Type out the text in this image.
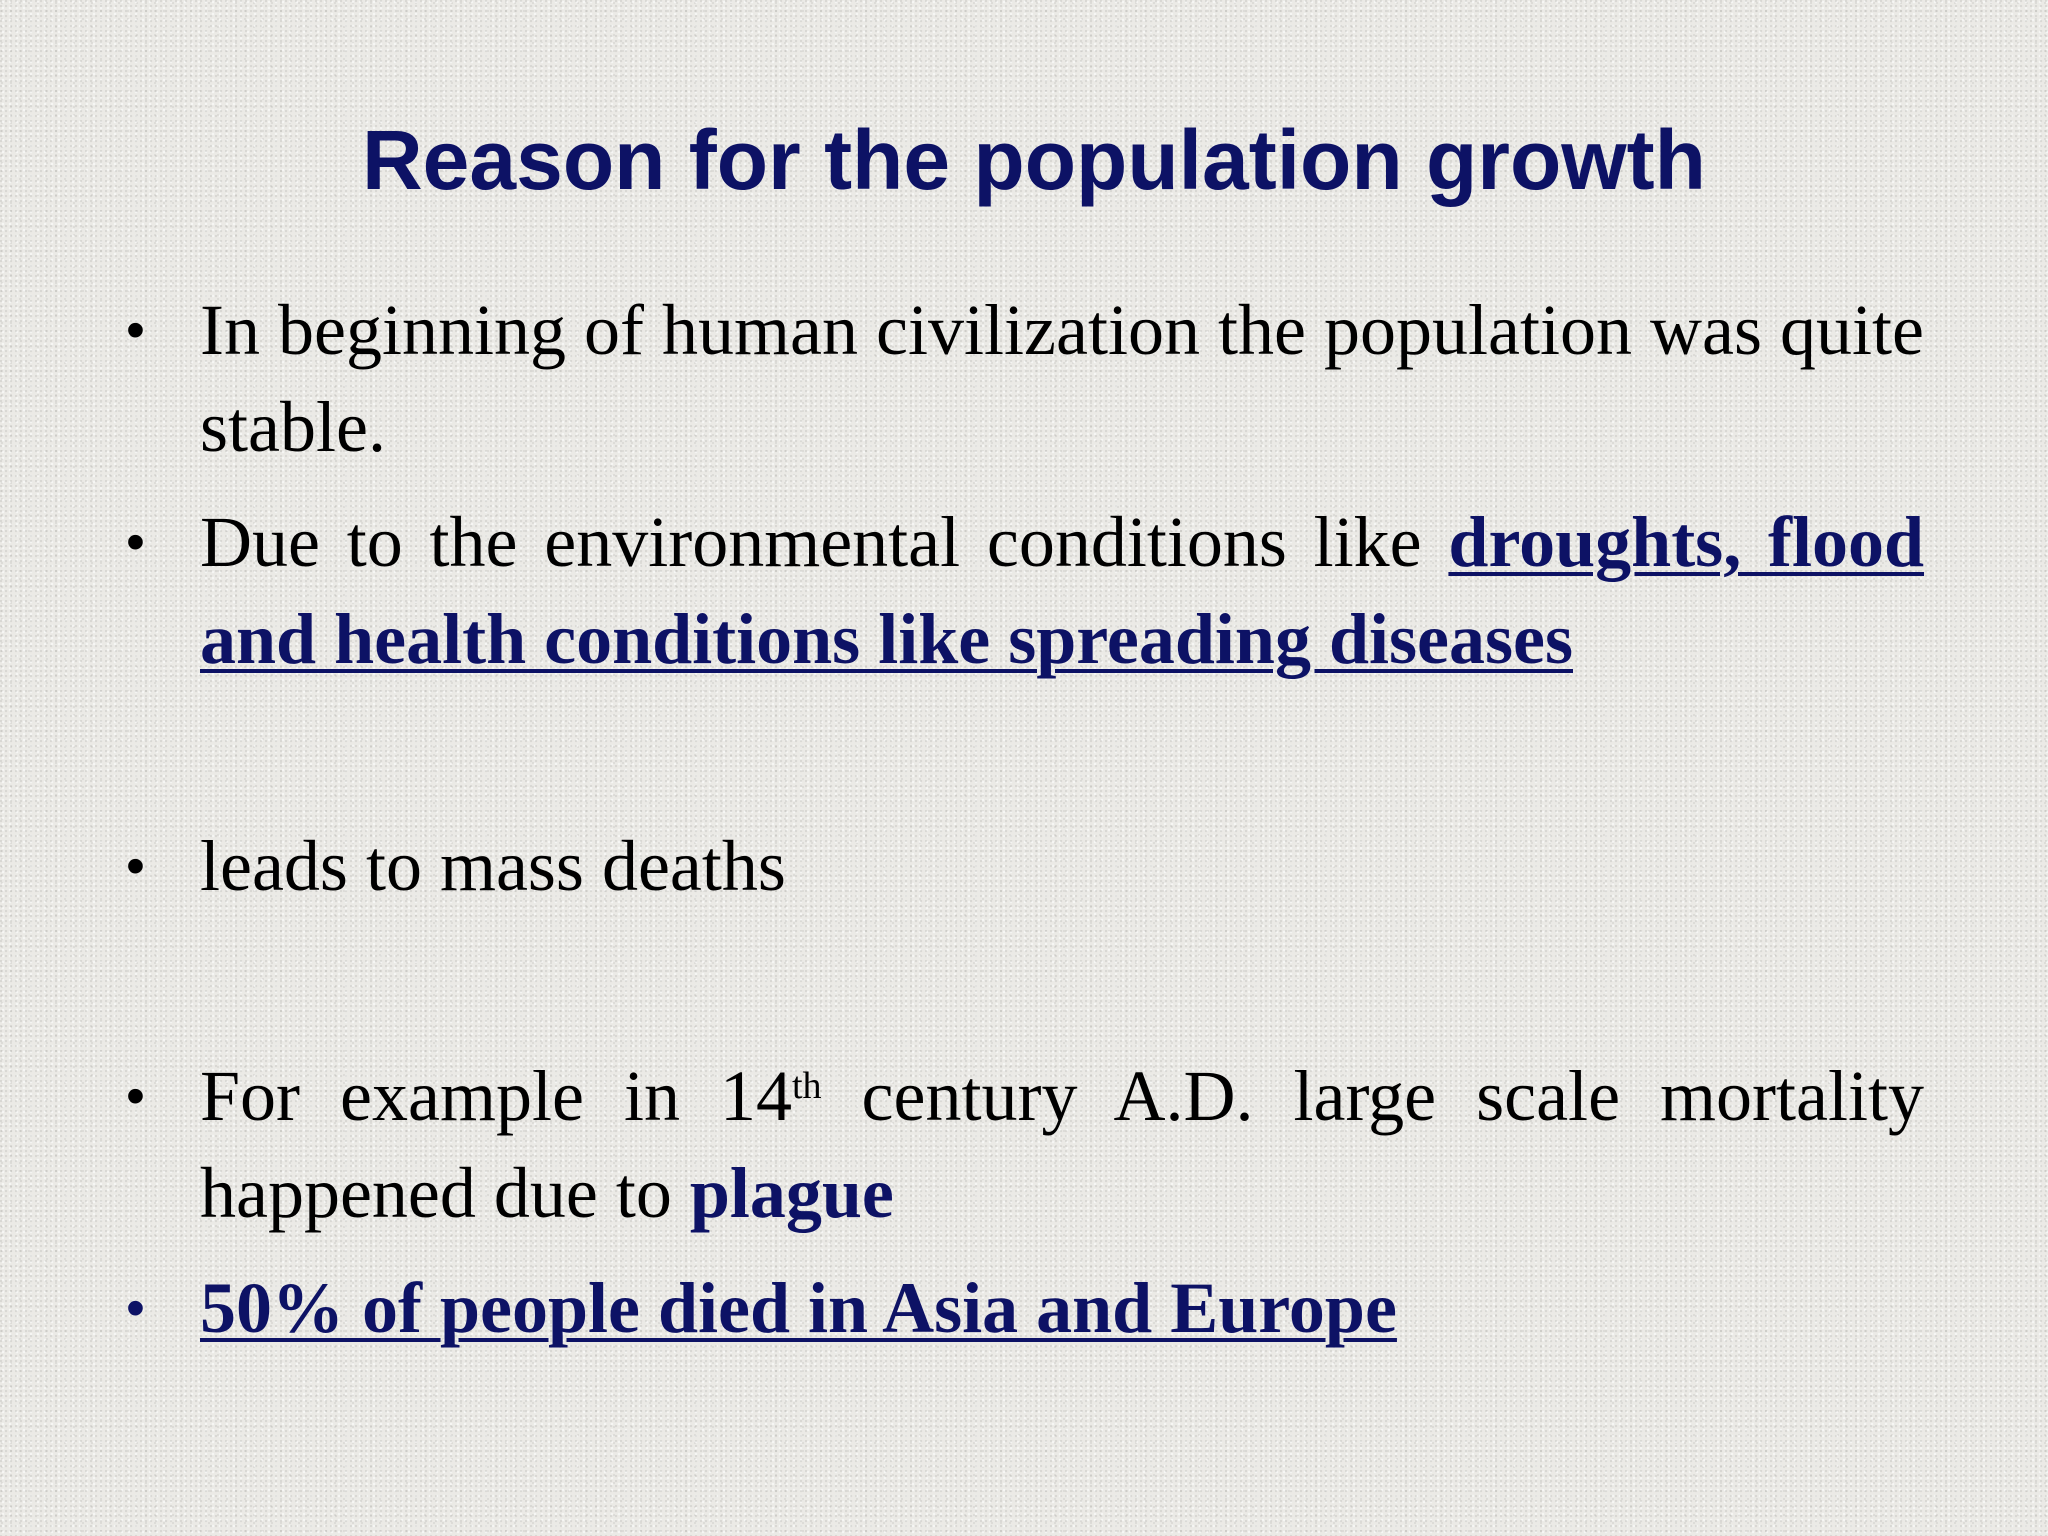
Reason for the population growth
• In beginning of human civilization the population was quite stable.
• Due to the environmental conditions like droughts, flood and health conditions like spreading diseases
• leads to mass deaths
• For example in 14th century A.D. large scale mortality happened due to plague
• 50% of people died in Asia and Europe
